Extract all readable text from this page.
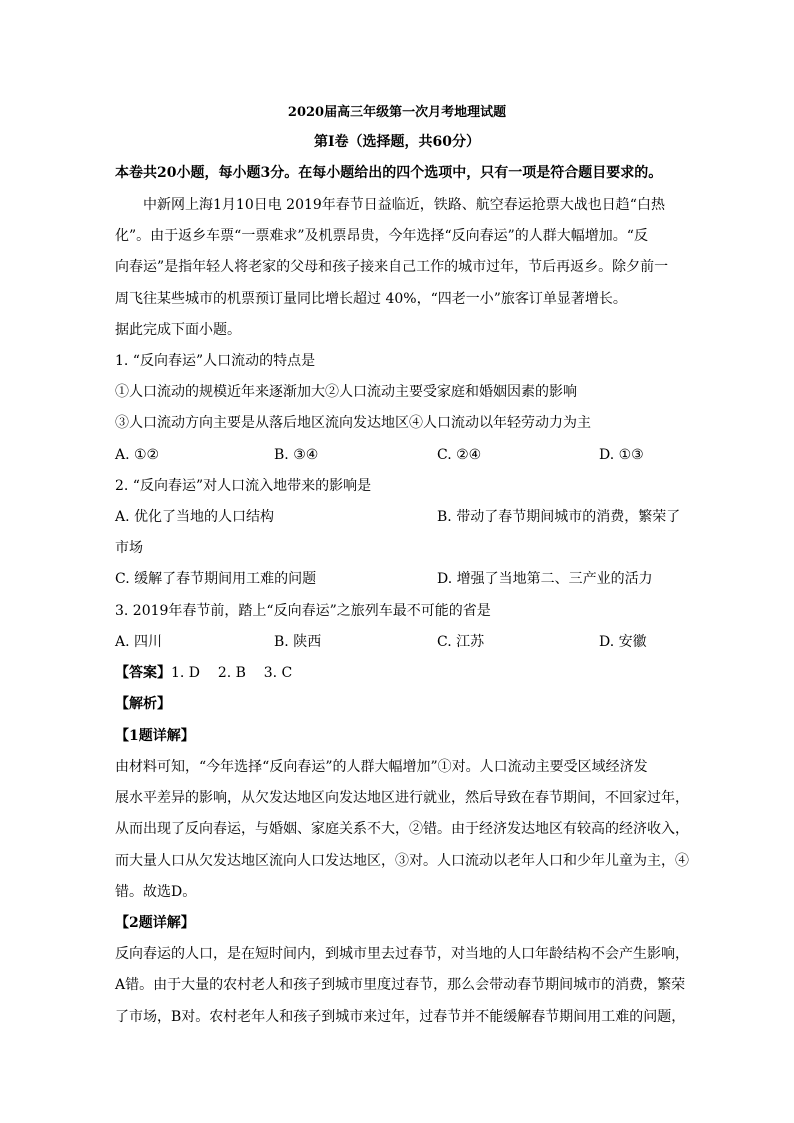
2020届高三年级第一次月考地理试题
第Ⅰ卷（选择题，共60分）
本卷共20小题，每小题3分。在每小题给出的四个选项中，只有一项是符合题目要求的。
中新网上海1月10日电 2019年春节日益临近，铁路、航空春运抢票大战也日趋“白热
化”。由于返乡车票“一票难求”及机票昂贵，今年选择“反向春运”的人群大幅增加。“反
向春运”是指年轻人将老家的父母和孩子接来自己工作的城市过年，节后再返乡。除夕前一
周飞往某些城市的机票预订量同比增长超过 40%，“四老一小”旅客订单显著增长。
据此完成下面小题。
1. “反向春运”人口流动的特点是
①人口流动的规模近年来逐渐加大②人口流动主要受家庭和婚姻因素的影响
③人口流动方向主要是从落后地区流向发达地区④人口流动以年轻劳动力为主
A. ①②	B. ③④	C. ②④	D. ①③
2. “反向春运”对人口流入地带来的影响是
A. 优化了当地的人口结构	B. 带动了春节期间城市的消费，繁荣了
市场
C. 缓解了春节期间用工难的问题	D. 增强了当地第二、三产业的活力
3. 2019年春节前，踏上“反向春运”之旅列车最不可能的省是
A. 四川	B. 陕西	C. 江苏	D. 安徽
【答案】1. D    2. B    3. C
【解析】
【1题详解】
由材料可知，“今年选择“反向春运”的人群大幅增加”①对。人口流动主要受区域经济发
展水平差异的影响，从欠发达地区向发达地区进行就业，然后导致在春节期间，不回家过年，
从而出现了反向春运，与婚姻、家庭关系不大，②错。由于经济发达地区有较高的经济收入，
而大量人口从欠发达地区流向人口发达地区，③对。人口流动以老年人口和少年儿童为主，④
错。故选D。
【2题详解】
反向春运的人口，是在短时间内，到城市里去过春节，对当地的人口年龄结构不会产生影响，
A错。由于大量的农村老人和孩子到城市里度过春节，那么会带动春节期间城市的消费，繁荣
了市场，B对。农村老年人和孩子到城市来过年，过春节并不能缓解春节期间用工难的问题，
